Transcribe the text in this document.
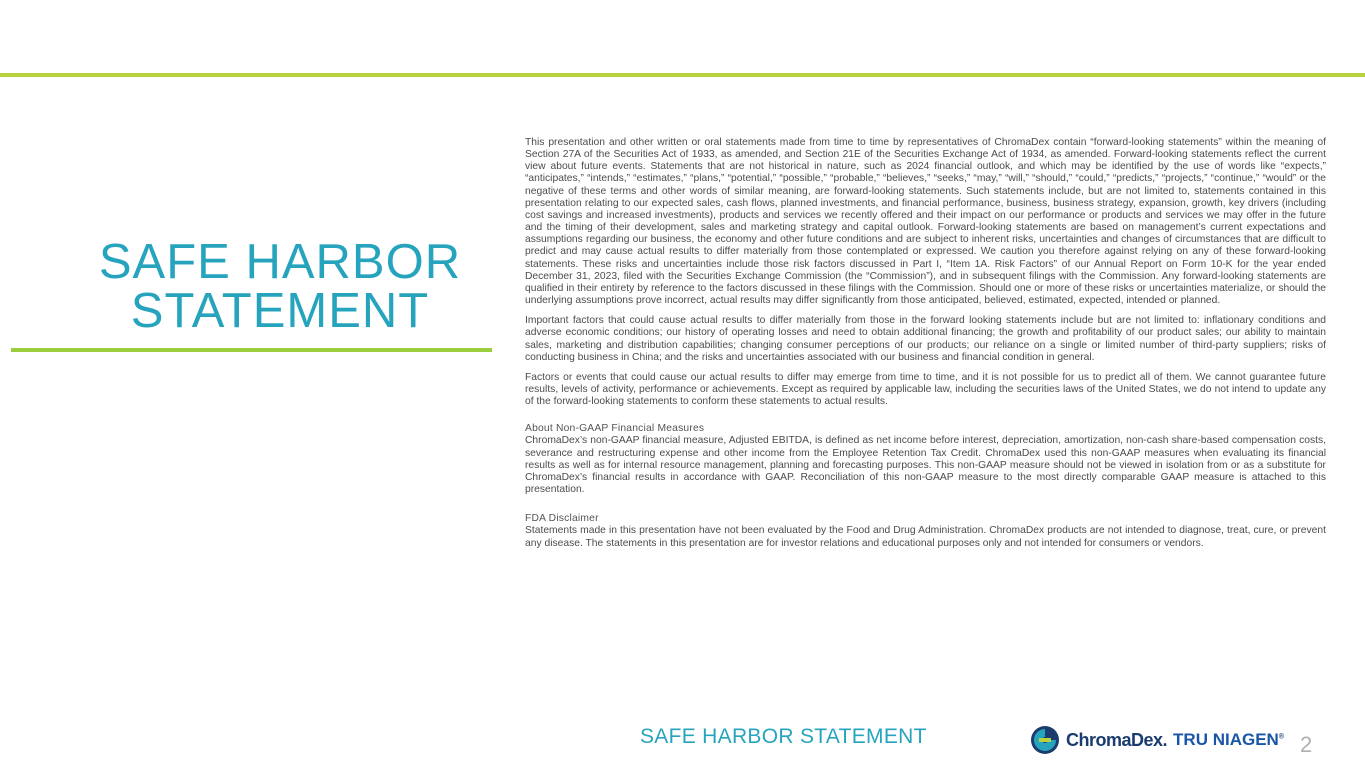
SAFE HARBOR
STATEMENT

This presentation and other written or oral statements made from time to time by representatives of ChromaDex contain “forward-looking statements” within the meaning of Section 27A of the Securities Act of 1933, as amended, and Section 21E of the Securities Exchange Act of 1934, as amended. Forward-looking statements reflect the current view about future events. Statements that are not historical in nature, such as 2024 financial outlook, and which may be identified by the use of words like “expects,” “anticipates,” “intends,” “estimates,” “plans,” “potential,” “possible,” “probable,” “believes,” “seeks,” “may,” “will,” “should,” “could,” “predicts,” “projects,” “continue,” “would” or the negative of these terms and other words of similar meaning, are forward-looking statements. Such statements include, but are not limited to, statements contained in this presentation relating to our expected sales, cash flows, planned investments, and financial performance, business, business strategy, expansion, growth, key drivers (including cost savings and increased investments), products and services we recently offered and their impact on our performance or products and services we may offer in the future and the timing of their development, sales and marketing strategy and capital outlook. Forward-looking statements are based on management’s current expectations and assumptions regarding our business, the economy and other future conditions and are subject to inherent risks, uncertainties and changes of circumstances that are difficult to predict and may cause actual results to differ materially from those contemplated or expressed. We caution you therefore against relying on any of these forward-looking statements. These risks and uncertainties include those risk factors discussed in Part I, “Item 1A. Risk Factors” of our Annual Report on Form 10-K for the year ended December 31, 2023, filed with the Securities Exchange Commission (the “Commission”), and in subsequent filings with the Commission. Any forward-looking statements are qualified in their entirety by reference to the factors discussed in these filings with the Commission. Should one or more of these risks or uncertainties materialize, or should the underlying assumptions prove incorrect, actual results may differ significantly from those anticipated, believed, estimated, expected, intended or planned.

Important factors that could cause actual results to differ materially from those in the forward looking statements include but are not limited to: inflationary conditions and adverse economic conditions; our history of operating losses and need to obtain additional financing; the growth and profitability of our product sales; our ability to maintain sales, marketing and distribution capabilities; changing consumer perceptions of our products; our reliance on a single or limited number of third-party suppliers; risks of conducting business in China; and the risks and uncertainties associated with our business and financial condition in general.

Factors or events that could cause our actual results to differ may emerge from time to time, and it is not possible for us to predict all of them. We cannot guarantee future results, levels of activity, performance or achievements. Except as required by applicable law, including the securities laws of the United States, we do not intend to update any of the forward-looking statements to conform these statements to actual results.

About Non-GAAP Financial Measures

ChromaDex’s non-GAAP financial measure, Adjusted EBITDA, is defined as net income before interest, depreciation, amortization, non-cash share-based compensation costs, severance and restructuring expense and other income from the Employee Retention Tax Credit. ChromaDex used this non-GAAP measures when evaluating its financial results as well as for internal resource management, planning and forecasting purposes. This non-GAAP measure should not be viewed in isolation from or as a substitute for ChromaDex’s financial results in accordance with GAAP. Reconciliation of this non-GAAP measure to the most directly comparable GAAP measure is attached to this presentation.

FDA Disclaimer

Statements made in this presentation have not been evaluated by the Food and Drug Administration. ChromaDex products are not intended to diagnose, treat, cure, or prevent any disease. The statements in this presentation are for investor relations and educational purposes only and not intended for consumers or vendors.

SAFE HARBOR STATEMENT	ChromaDex. TRU NIAGEN® 2
